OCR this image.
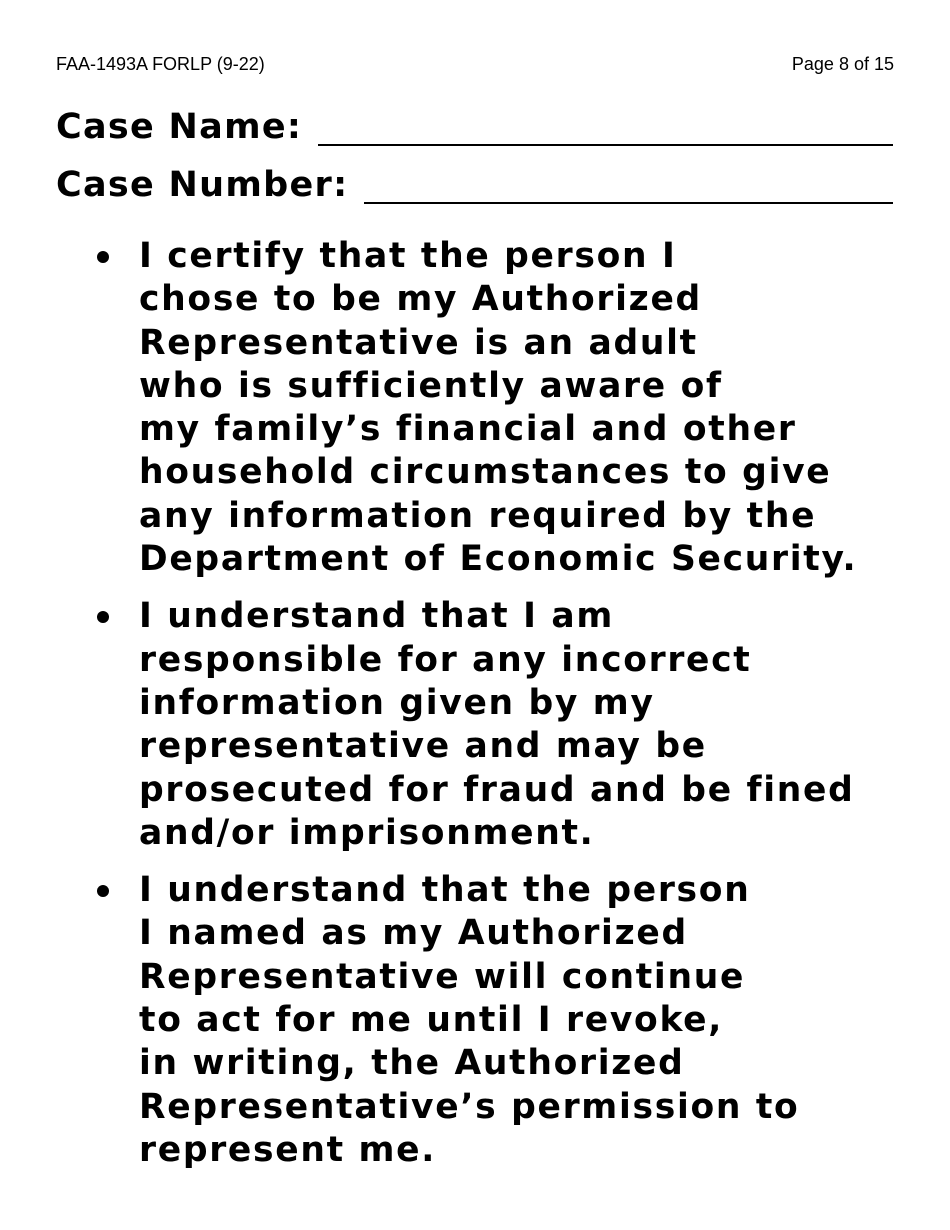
FAA-1493A FORLP (9-22)	Page 8 of 15
Case Name:
Case Number:
I certify that the person I
chose to be my Authorized
Representative is an adult
who is sufficiently aware of
my family’s financial and other
household circumstances to give
any information required by the
Department of Economic Security.
I understand that I am
responsible for any incorrect
information given by my
representative and may be
prosecuted for fraud and be fined
and/or imprisonment.
I understand that the person
I named as my Authorized
Representative will continue
to act for me until I revoke,
in writing, the Authorized
Representative’s permission to
represent me.
